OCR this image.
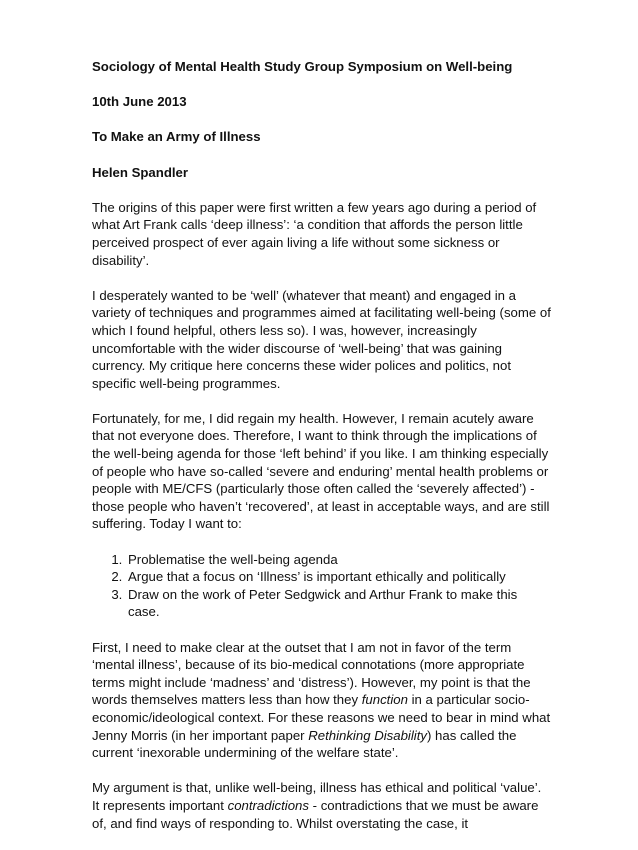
Sociology of Mental Health Study Group Symposium on Well-being
10th June 2013
To Make an Army of Illness
Helen Spandler

The origins of this paper were first written a few years ago during a period of what Art Frank calls ‘deep illness’: ‘a condition that affords the person little perceived prospect of ever again living a life without some sickness or disability’.

I desperately wanted to be ‘well’ (whatever that meant) and engaged in a variety of techniques and programmes aimed at facilitating well-being (some of which I found helpful, others less so). I was, however, increasingly uncomfortable with the wider discourse of ‘well-being’ that was gaining currency. My critique here concerns these wider polices and politics, not specific well-being programmes.

Fortunately, for me, I did regain my health. However, I remain acutely aware that not everyone does. Therefore, I want to think through the implications of the well-being agenda for those ‘left behind’ if you like. I am thinking especially of people who have so-called ‘severe and enduring’ mental health problems or people with ME/CFS (particularly those often called the ‘severely affected’) - those people who haven’t ‘recovered’, at least in acceptable ways, and are still suffering. Today I want to:

1. Problematise the well-being agenda
2. Argue that a focus on ‘Illness’ is important ethically and politically
3. Draw on the work of Peter Sedgwick and Arthur Frank to make this case.

First, I need to make clear at the outset that I am not in favor of the term ‘mental illness’, because of its bio-medical connotations (more appropriate terms might include ‘madness’ and ‘distress’). However, my point is that the words themselves matters less than how they function in a particular socio-economic/ideological context. For these reasons we need to bear in mind what Jenny Morris (in her important paper Rethinking Disability) has called the current ‘inexorable undermining of the welfare state’.

My argument is that, unlike well-being, illness has ethical and political ‘value’. It represents important contradictions - contradictions that we must be aware of, and find ways of responding to. Whilst overstating the case, it
